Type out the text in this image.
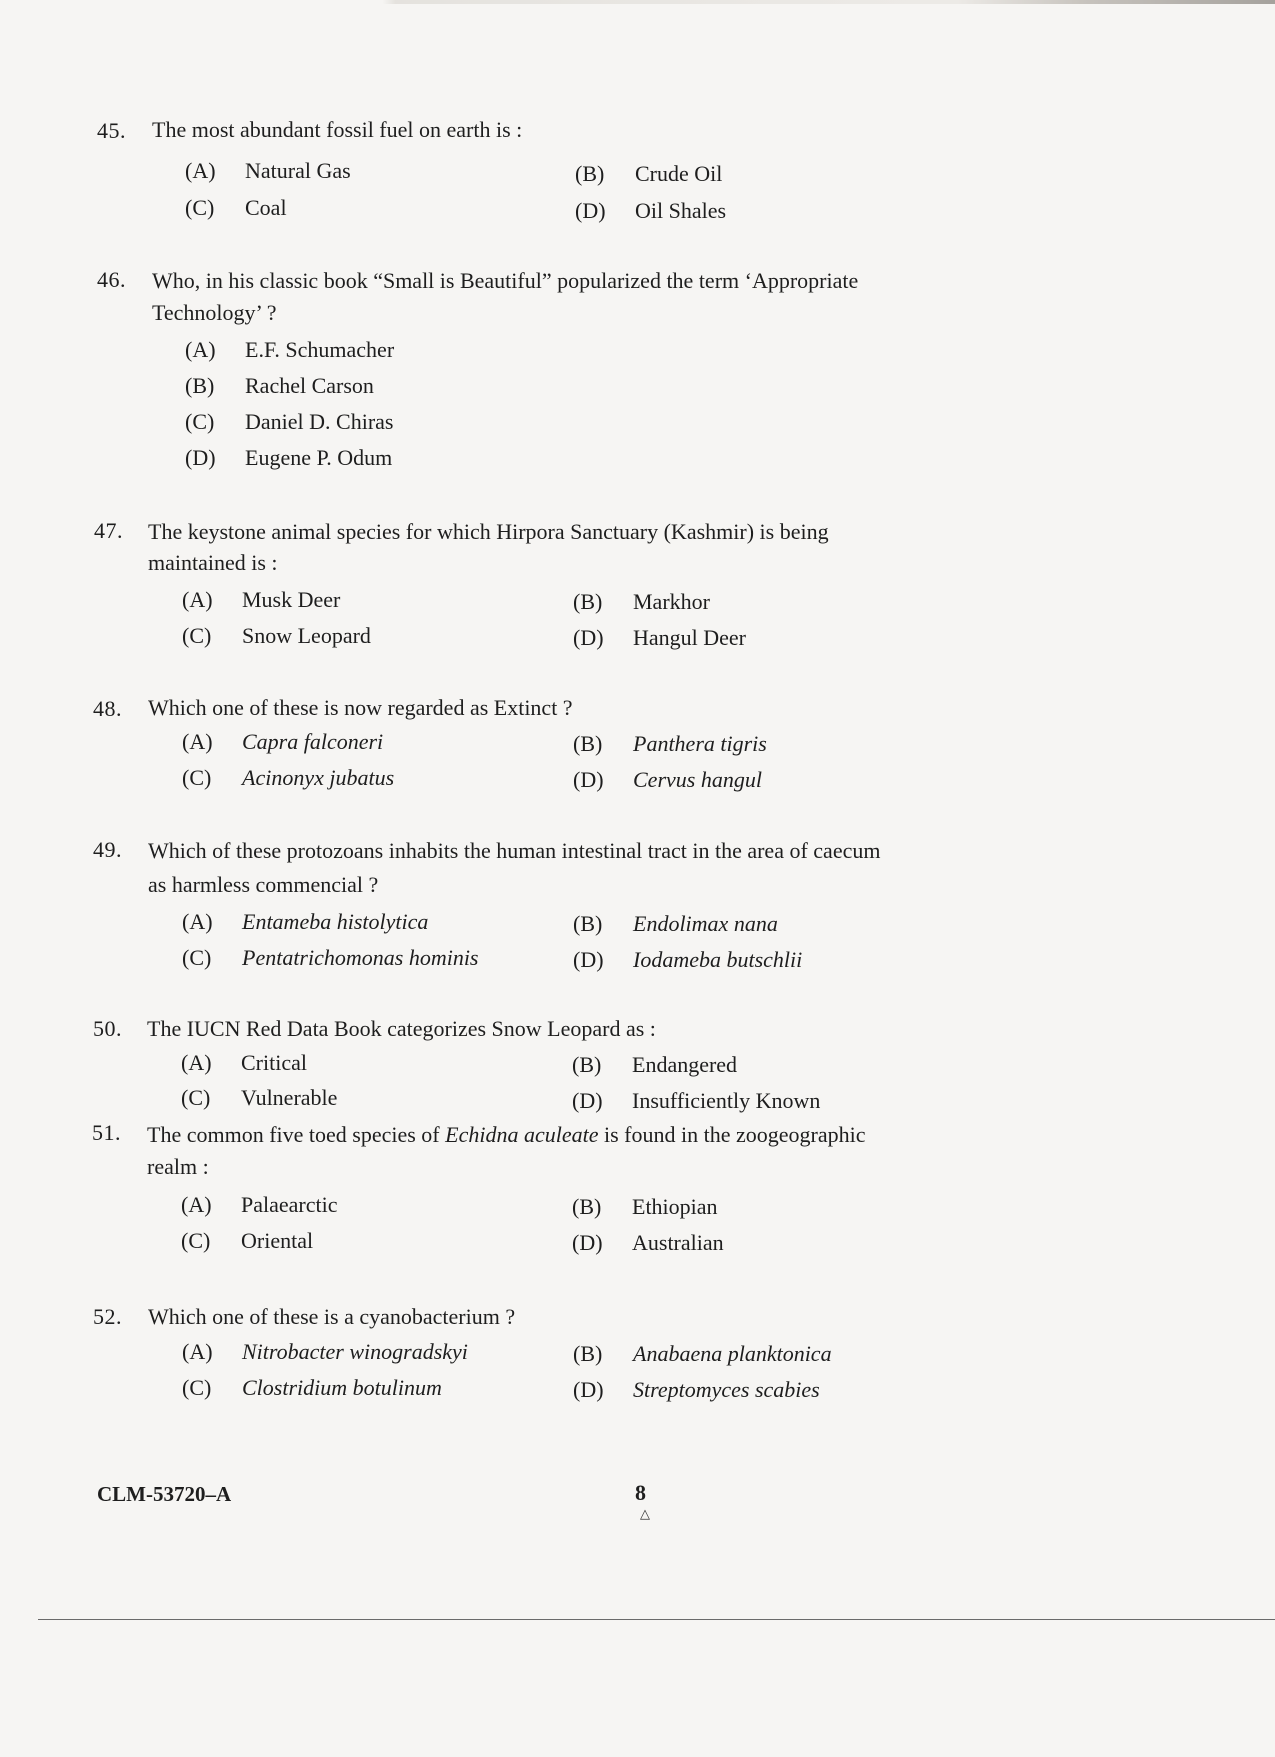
45. The most abundant fossil fuel on earth is :
(A) Natural Gas	(B) Crude Oil
(C) Coal	(D) Oil Shales
46. Who, in his classic book “Small is Beautiful” popularized the term ‘Appropriate
Technology’ ?
(A) E.F. Schumacher
(B) Rachel Carson
(C) Daniel D. Chiras
(D) Eugene P. Odum
47. The keystone animal species for which Hirpora Sanctuary (Kashmir) is being
maintained is :
(A) Musk Deer	(B) Markhor
(C) Snow Leopard	(D) Hangul Deer
48. Which one of these is now regarded as Extinct ?
(A) Capra falconeri	(B) Panthera tigris
(C) Acinonyx jubatus	(D) Cervus hangul
49. Which of these protozoans inhabits the human intestinal tract in the area of caecum
as harmless commencial ?
(A) Entameba histolytica	(B) Endolimax nana
(C) Pentatrichomonas hominis	(D) Iodameba butschlii
50. The IUCN Red Data Book categorizes Snow Leopard as :
(A) Critical	(B) Endangered
(C) Vulnerable	(D) Insufficiently Known
51. The common five toed species of Echidna aculeate is found in the zoogeographic
realm :
(A) Palaearctic	(B) Ethiopian
(C) Oriental	(D) Australian
52. Which one of these is a cyanobacterium ?
(A) Nitrobacter winogradskyi	(B) Anabaena planktonica
(C) Clostridium botulinum	(D) Streptomyces scabies
CLM-53720–A	8
△
